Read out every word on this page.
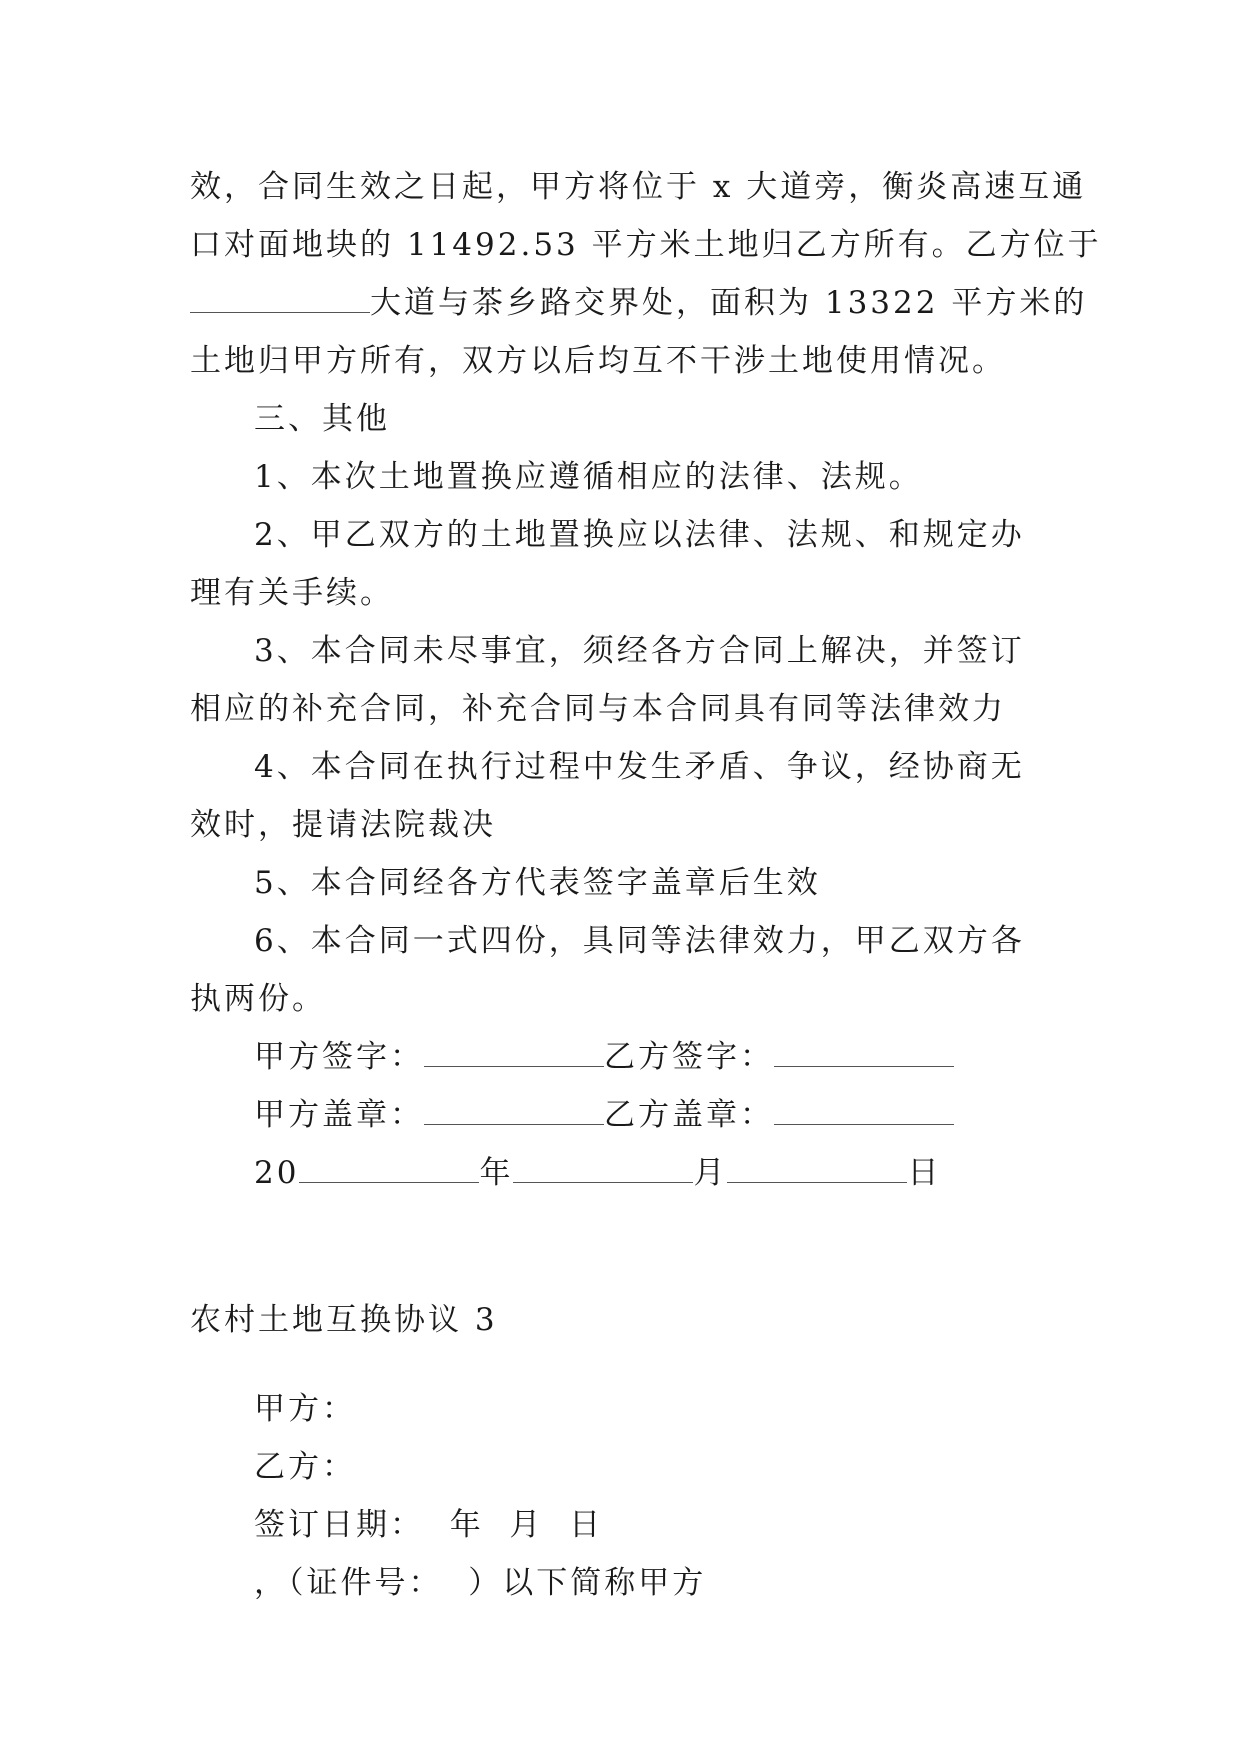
效，合同生效之日起，甲方将位于 x 大道旁，衡炎高速互通

口对面地块的 11492.53 平方米土地归乙方所有。乙方位于

大道与茶乡路交界处，面积为 13322 平方米的

土地归甲方所有，双方以后均互不干涉土地使用情况。

三、其他

1、本次土地置换应遵循相应的法律、法规。

2、甲乙双方的土地置换应以法律、法规、和规定办理有关手续。

3、本合同未尽事宜，须经各方合同上解决，并签订相应的补充合同，补充合同与本合同具有同等法律效力

4、本合同在执行过程中发生矛盾、争议，经协商无效时，提请法院裁决

5、本合同经各方代表签字盖章后生效

6、本合同一式四份，具同等法律效力，甲乙双方各执两份。

甲方签字：	乙方签字：
甲方盖章：	乙方盖章：
20	年	月	日

农村土地互换协议 3

甲方：

乙方：

签订日期：  年  月  日

，（证件号：  ）以下简称甲方
